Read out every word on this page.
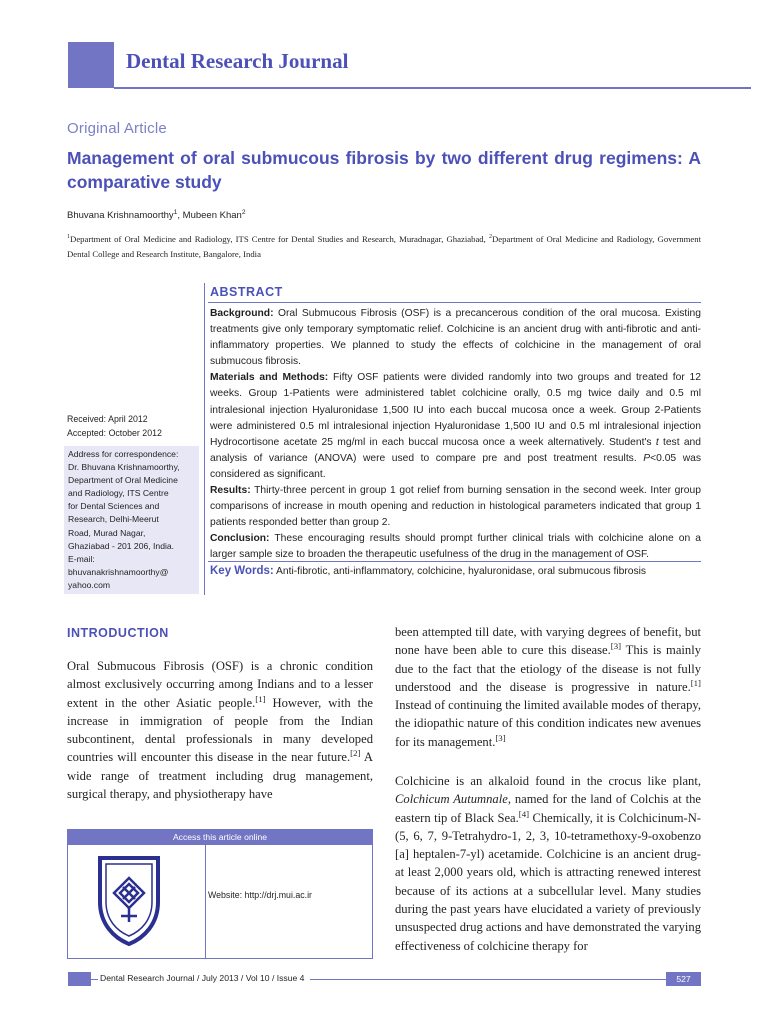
Dental Research Journal
Original Article
Management of oral submucous fibrosis by two different drug regimens: A comparative study
Bhuvana Krishnamoorthy$^1$, Mubeen Khan$^2$
$^1$Department of Oral Medicine and Radiology, ITS Centre for Dental Studies and Research, Muradnagar, Ghaziabad, $^2$Department of Oral Medicine and Radiology, Government Dental College and Research Institute, Bangalore, India
ABSTRACT

Background: Oral Submucous Fibrosis (OSF) is a precancerous condition of the oral mucosa. Existing treatments give only temporary symptomatic relief. Colchicine is an ancient drug with anti-fibrotic and anti-inflammatory properties. We planned to study the effects of colchicine in the management of oral submucous fibrosis.

Materials and Methods: Fifty OSF patients were divided randomly into two groups and treated for 12 weeks. Group 1-Patients were administered tablet colchicine orally, 0.5 mg twice daily and 0.5 ml intralesional injection Hyaluronidase 1,500 IU into each buccal mucosa once a week. Group 2-Patients were administered 0.5 ml intralesional injection Hyaluronidase 1,500 IU and 0.5 ml intralesional injection Hydrocortisone acetate 25 mg/ml in each buccal mucosa once a week alternatively. Student's t test and analysis of variance (ANOVA) were used to compare pre and post treatment results. P<0.05 was considered as significant.

Results: Thirty-three percent in group 1 got relief from burning sensation in the second week. Inter group comparisons of increase in mouth opening and reduction in histological parameters indicated that group 1 patients responded better than group 2.

Conclusion: These encouraging results should prompt further clinical trials with colchicine alone on a larger sample size to broaden the therapeutic usefulness of the drug in the management of OSF.

Key Words: Anti-fibrotic, anti-inflammatory, colchicine, hyaluronidase, oral submucous fibrosis
Received: April 2012
Accepted: October 2012
Address for correspondence:
Dr. Bhuvana Krishnamoorthy,
Department of Oral Medicine
and Radiology, ITS Centre
for Dental Sciences and
Research, Delhi-Meerut
Road, Murad Nagar,
Ghaziabad - 201 206, India.
E-mail:
bhuvanakrishnamoorthy@
yahoo.com
INTRODUCTION

Oral Submucous Fibrosis (OSF) is a chronic condition almost exclusively occurring among Indians and to a lesser extent in the other Asiatic people.[1] However, with the increase in immigration of people from the Indian subcontinent, dental professionals in many developed countries will encounter this disease in the near future.[2] A wide range of treatment including drug management, surgical therapy, and physiotherapy have

been attempted till date, with varying degrees of benefit, but none have been able to cure this disease.[3] This is mainly due to the fact that the etiology of the disease is not fully understood and the disease is progressive in nature.[1] Instead of continuing the limited available modes of therapy, the idiopathic nature of this condition indicates new avenues for its management.[3]

Colchicine is an alkaloid found in the crocus like plant, Colchicum Autumnale, named for the land of Colchis at the eastern tip of Black Sea.[4] Chemically, it is Colchicinum-N-(5, 6, 7, 9-Tetrahydro-1, 2, 3, 10-tetramethoxy-9-oxobenzo [a] heptalen-7-yl) acetamide. Colchicine is an ancient drug-at least 2,000 years old, which is attracting renewed interest because of its actions at a subcellular level. Many studies during the past years have elucidated a variety of previously unsuspected drug actions and have demonstrated the varying effectiveness of colchicine therapy for

Access this article online
Website: http://drj.mui.ac.ir
Dental Research Journal / July 2013 / Vol 10 / Issue 4	527
